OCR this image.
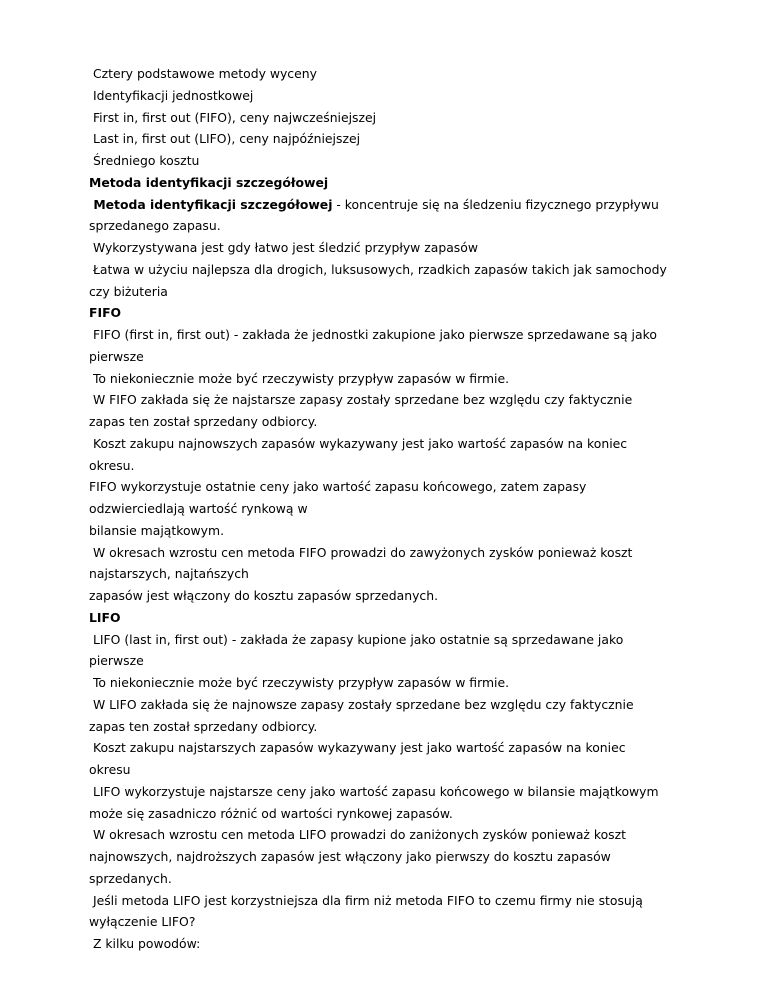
Cztery podstawowe metody wyceny
Identyfikacji jednostkowej
First in, first out (FIFO), ceny najwcześniejszej
Last in, first out (LIFO), ceny najpóźniejszej
Średniego kosztu
Metoda identyfikacji szczegółowej
Metoda identyfikacji szczegółowej - koncentruje się na śledzeniu fizycznego przypływu
sprzedanego zapasu.
Wykorzystywana jest gdy łatwo jest śledzić przypływ zapasów
Łatwa w użyciu najlepsza dla drogich, luksusowych, rzadkich zapasów takich jak samochody
czy biżuteria
FIFO
FIFO (first in, first out) - zakłada że jednostki zakupione jako pierwsze sprzedawane są jako
pierwsze
To niekoniecznie może być rzeczywisty przypływ zapasów w firmie.
W FIFO zakłada się że najstarsze zapasy zostały sprzedane bez względu czy faktycznie
zapas ten został sprzedany odbiorcy.
Koszt zakupu najnowszych zapasów wykazywany jest jako wartość zapasów na koniec
okresu.
FIFO wykorzystuje ostatnie ceny jako wartość zapasu końcowego, zatem zapasy
odzwierciedlają wartość rynkową w
bilansie majątkowym.
W okresach wzrostu cen metoda FIFO prowadzi do zawyżonych zysków ponieważ koszt
najstarszych, najtańszych
zapasów jest włączony do kosztu zapasów sprzedanych.
LIFO
LIFO (last in, first out) - zakłada że zapasy kupione jako ostatnie są sprzedawane jako
pierwsze
To niekoniecznie może być rzeczywisty przypływ zapasów w firmie.
W LIFO zakłada się że najnowsze zapasy zostały sprzedane bez względu czy faktycznie
zapas ten został sprzedany odbiorcy.
Koszt zakupu najstarszych zapasów wykazywany jest jako wartość zapasów na koniec
okresu
LIFO wykorzystuje najstarsze ceny jako wartość zapasu końcowego w bilansie majątkowym
może się zasadniczo różnić od wartości rynkowej zapasów.
W okresach wzrostu cen metoda LIFO prowadzi do zaniżonych zysków ponieważ koszt
najnowszych, najdroższych zapasów jest włączony jako pierwszy do kosztu zapasów
sprzedanych.
Jeśli metoda LIFO jest korzystniejsza dla firm niż metoda FIFO to czemu firmy nie stosują
wyłączenie LIFO?
Z kilku powodów:
